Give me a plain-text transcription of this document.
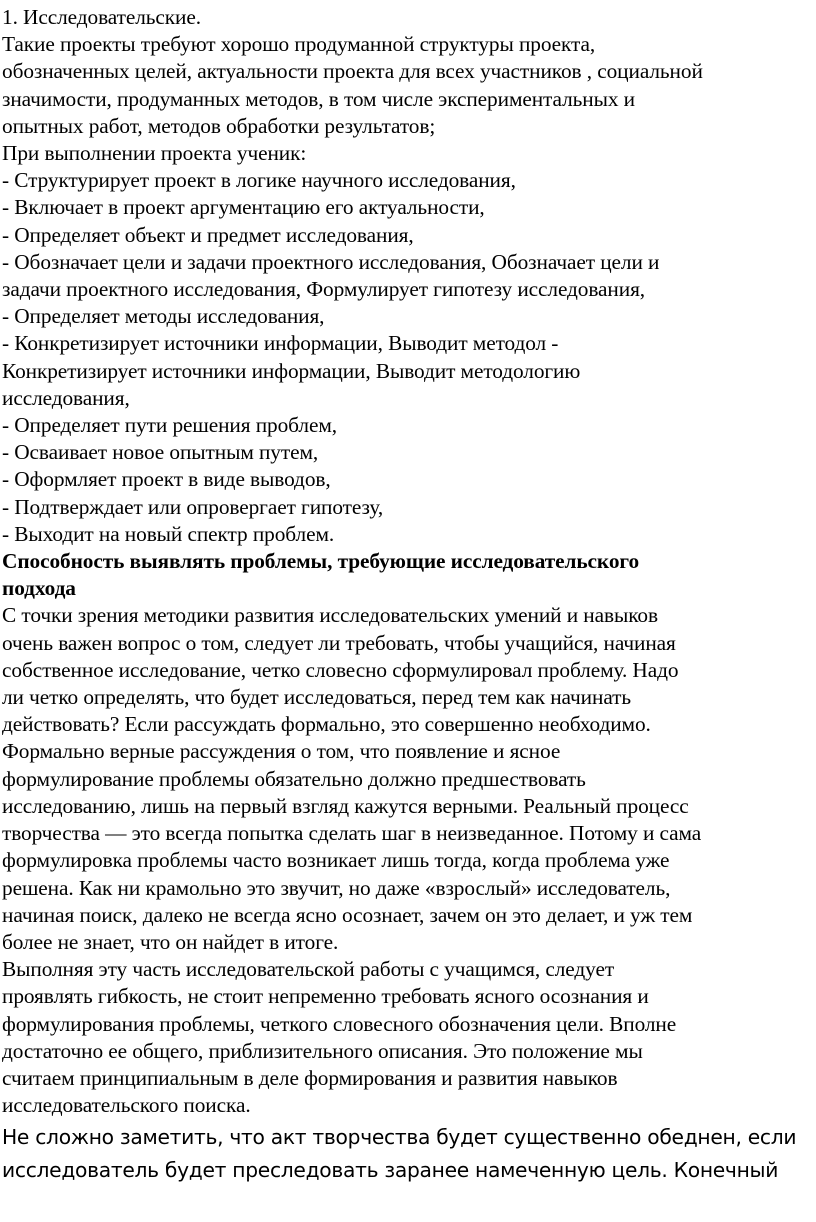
1. Исследовательские.
Такие проекты требуют хорошо продуманной структуры проекта,
обозначенных целей, актуальности проекта для всех участников , социальной
значимости, продуманных методов, в том числе экспериментальных и
опытных работ, методов обработки результатов;
При выполнении проекта ученик:
- Структурирует проект в логике научного исследования,
- Включает в проект аргументацию его актуальности,
- Определяет объект и предмет исследования,
- Обозначает цели и задачи проектного исследования, Обозначает цели и
задачи проектного исследования, Формулирует гипотезу исследования,
- Определяет методы исследования,
- Конкретизирует источники информации, Выводит методол -
Конкретизирует источники информации, Выводит методологию
исследования,
- Определяет пути решения проблем,
- Осваивает новое опытным путем,
- Оформляет проект в виде выводов,
- Подтверждает или опровергает гипотезу,
- Выходит на новый спектр проблем.
Способность выявлять проблемы, требующие исследовательского
подхода
С точки зрения методики развития исследовательских умений и навыков
очень важен вопрос о том, следует ли требовать, чтобы учащийся, начиная
собственное исследование, четко словесно сформулировал проблему. Надо
ли четко определять, что будет исследоваться, перед тем как начинать
действовать? Если рассуждать формально, это совершенно необходимо.
Формально верные рассуждения о том, что появление и ясное
формулирование проблемы обязательно должно предшествовать
исследованию, лишь на первый взгляд кажутся верными. Реальный процесс
творчества — это всегда попытка сделать шаг в неизведанное. Потому и сама
формулировка проблемы часто возникает лишь тогда, когда проблема уже
решена. Как ни крамольно это звучит, но даже «взрослый» исследователь,
начиная поиск, далеко не всегда ясно осознает, зачем он это делает, и уж тем
более не знает, что он найдет в итоге.
Выполняя эту часть исследовательской работы с учащимся, следует
проявлять гибкость, не стоит непременно требовать ясного осознания и
формулирования проблемы, четкого словесного обозначения цели. Вполне
достаточно ее общего, приблизительного описания. Это положение мы
считаем принципиальным в деле формирования и развития навыков
исследовательского поиска.
Не сложно заметить, что акт творчества будет существенно обеднен, если
исследователь будет преследовать заранее намеченную цель. Конечный
